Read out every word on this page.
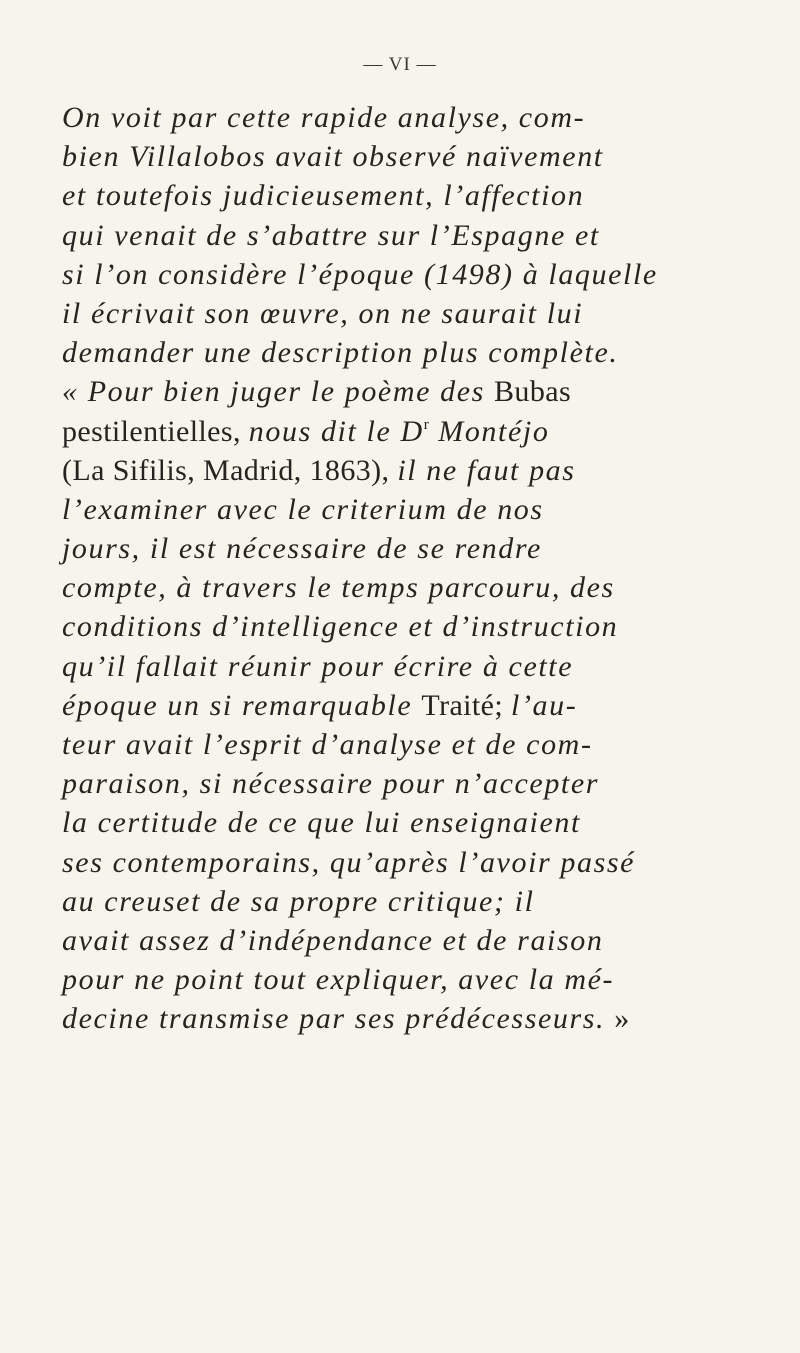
— VI —
On voit par cette rapide analyse, com-
bien Villalobos avait observé naïvement
et toutefois judicieusement, l’affection
qui venait de s’abattre sur l’Espagne et
si l’on considère l’époque (1498) à laquelle
il écrivait son œuvre, on ne saurait lui
demander une description plus complète.
« Pour bien juger le poème des Bubas
pestilentielles, nous dit le $D^r$ Montéjo
(La Sifilis, Madrid, 1863), il ne faut pas
l’examiner avec le criterium de nos
jours, il est nécessaire de se rendre
compte, à travers le temps parcouru, des
conditions d’intelligence et d’instruction
qu’il fallait réunir pour écrire à cette
époque un si remarquable Traité; l’au-
teur avait l’esprit d’analyse et de com-
paraison, si nécessaire pour n’accepter
la certitude de ce que lui enseignaient
ses contemporains, qu’après l’avoir passé
au creuset de sa propre critique; il
avait assez d’indépendance et de raison
pour ne point tout expliquer, avec la mé-
decine transmise par ses prédécesseurs. »
